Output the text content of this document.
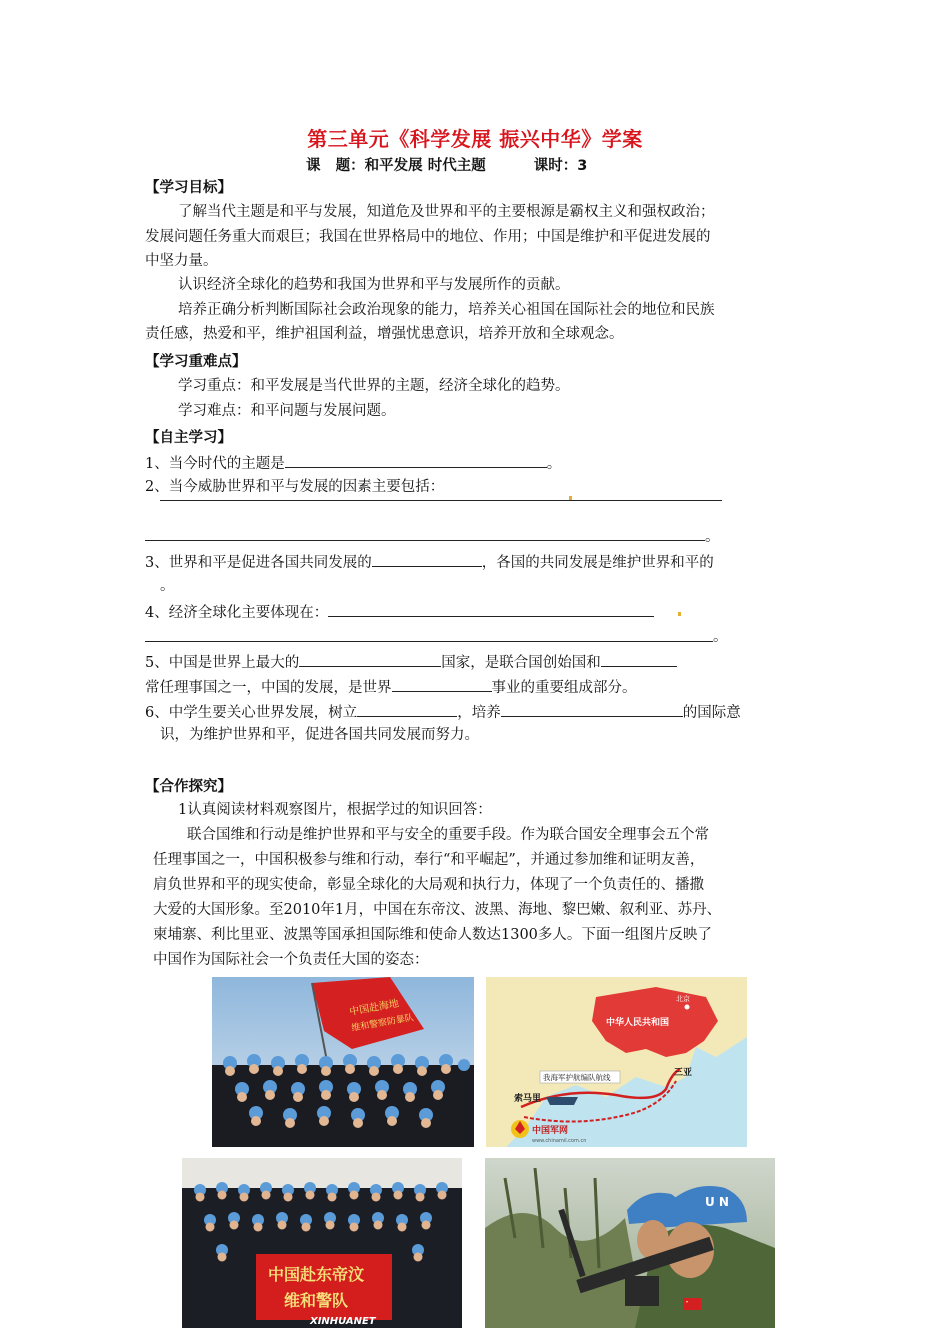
第三单元《科学发展 振兴中华》学案
课   题：和平发展 时代主题	课时：3
【学习目标】
了解当代主题是和平与发展，知道危及世界和平的主要根源是霸权主义和强权政治；
发展问题任务重大而艰巨；我国在世界格局中的地位、作用；中国是维护和平促进发展的
中坚力量。
认识经济全球化的趋势和我国为世界和平与发展所作的贡献。
培养正确分析判断国际社会政治现象的能力，培养关心祖国在国际社会的地位和民族
责任感，热爱和平，维护祖国利益，增强忧患意识，培养开放和全球观念。
【学习重难点】
学习重点：和平发展是当代世界的主题，经济全球化的趋势。
学习难点：和平问题与发展问题。
【自主学习】
1、当今时代的主题是	。
2、当今威胁世界和平与发展的因素主要包括：
。
3、世界和平是促进各国共同发展的	，各国的共同发展是维护世界和平的
。
4、经济全球化主要体现在：
。
5、中国是世界上最大的	国家，是联合国创始国和
常任理事国之一，中国的发展，是世界	事业的重要组成部分。
6、中学生要关心世界发展，树立	，培养	的国际意
识，为维护世界和平，促进各国共同发展而努力。
【合作探究】
1认真阅读材料观察图片，根据学过的知识回答：
联合国维和行动是维护世界和平与安全的重要手段。作为联合国安全理事会五个常
任理事国之一，中国积极参与维和行动，奉行“和平崛起”，并通过参加维和证明友善，
肩负世界和平的现实使命，彰显全球化的大局观和执行力，体现了一个负责任的、播撒
大爱的大国形象。至2010年1月，中国在东帝汶、波黑、海地、黎巴嫩、叙利亚、苏丹、
柬埔寨、利比里亚、波黑等国承担国际维和使命人数达1300多人。下面一组图片反映了
中国作为国际社会一个负责任大国的姿态：
中国赴海地
维和警察防暴队	中华人民共和国
北京
我海军护航编队航线	三亚
索马里
中国军网
www.chinamil.com.cn
中国赴东帝汶
维和警队
XINHUANET
U N
